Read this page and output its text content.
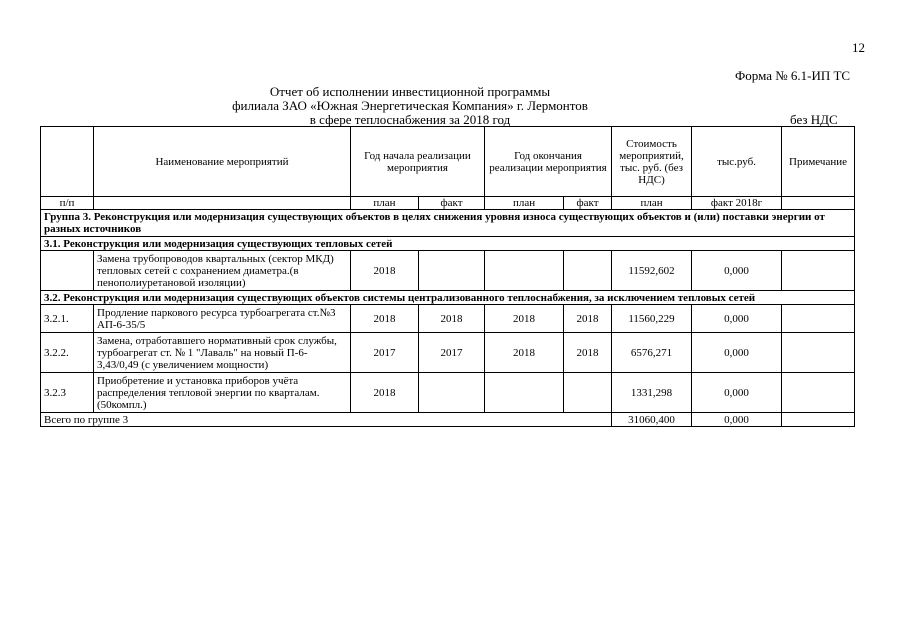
12
Форма № 6.1-ИП ТС
Отчет об исполнении инвестиционной программы
филиала ЗАО «Южная Энергетическая Компания» г. Лермонтов
в сфере теплоснабжения за 2018 год	без НДС
	Наименование мероприятий	Год начала реализации мероприятия		Год окончания реализации мероприятия		Стоимость мероприятий, тыс. руб. (без НДС)	тыс.руб.	Примечание
п/п		план	факт	план	факт	план	факт 2018г	
Группа 3. Реконструкция или модернизация существующих объектов в целях снижения уровня износа существующих объектов и (или) поставки энергии от разных источников								
3.1. Реконструкция или модернизация существующих тепловых сетей								
	Замена трубопроводов квартальных (сектор МКД) тепловых сетей с сохранением диаметра.(в пенополиуретановой изоляции)	2018				11592,602	0,000	
3.2. Реконструкция или модернизация существующих объектов системы централизованного теплоснабжения, за исключением тепловых сетей								
3.2.1.	Продление паркового ресурса турбоагрегата ст.№3 АП-6-35/5	2018	2018	2018	2018	11560,229	0,000	
3.2.2.	Замена, отработавшего нормативный срок службы, турбоагрегат ст. № 1 "Лаваль" на новый П-6-3,43/0,49 (с увеличением мощности)	2017	2017	2018	2018	6576,271	0,000	
3.2.3	Приобретение и установка приборов учёта распределения тепловой энергии по кварталам.(50компл.)	2018				1331,298	0,000	
Всего по группе 3						31060,400	0,000	
